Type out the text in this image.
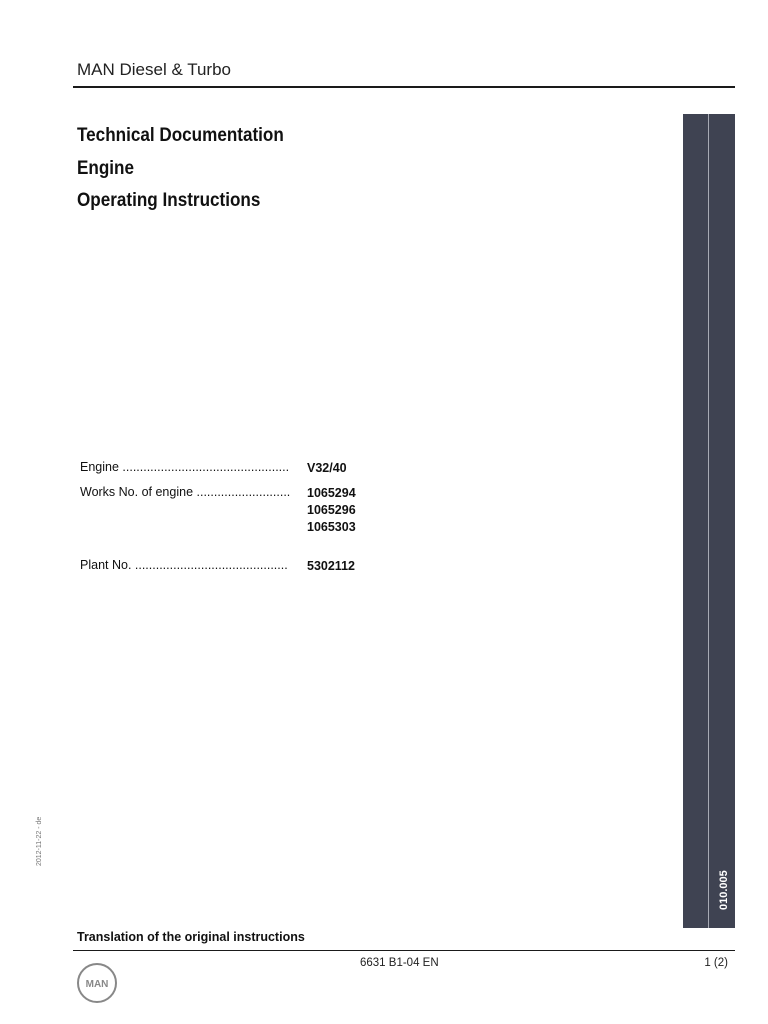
MAN Diesel & Turbo
Technical Documentation
Engine
Operating Instructions
Engine ................................................	V32/40
Works No. of engine ...........................	1065294
1065296
1065303
Plant No. ............................................	5302112
010.005
2012-11-22 - de
Translation of the original instructions
MAN
6631 B1-04 EN	1 (2)
